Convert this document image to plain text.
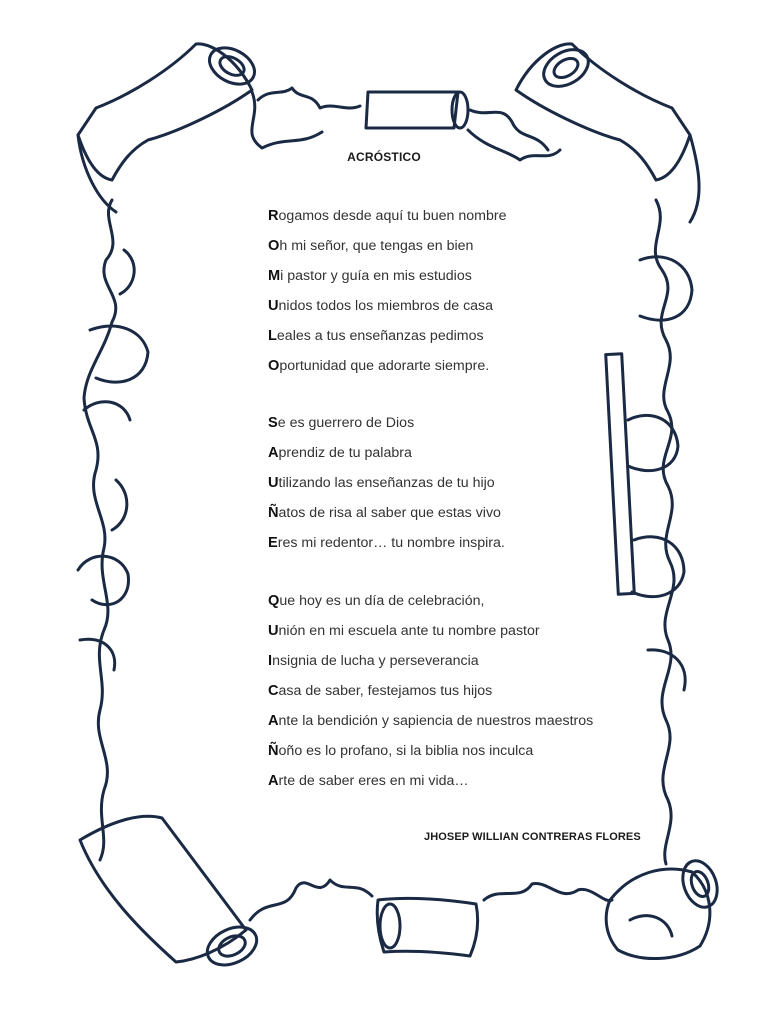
ACRÓSTICO
Rogamos desde aquí tu buen nombre
Oh mi señor, que tengas en bien
Mi pastor y guía en mis estudios
Unidos todos los miembros de casa
Leales a tus enseñanzas pedimos
Oportunidad que adorarte siempre.
Se es guerrero de Dios
Aprendiz de tu palabra
Utilizando las enseñanzas de tu hijo
Ñatos de risa al saber que estas vivo
Eres mi redentor… tu nombre inspira.
Que hoy es un día de celebración,
Unión en mi escuela ante tu nombre pastor
Insignia de lucha y perseverancia
Casa de saber, festejamos tus hijos
Ante la bendición y sapiencia de nuestros maestros
Ñoño es lo profano, si la biblia nos inculca
Arte de saber eres en mi vida…
JHOSEP WILLIAN CONTRERAS FLORES
